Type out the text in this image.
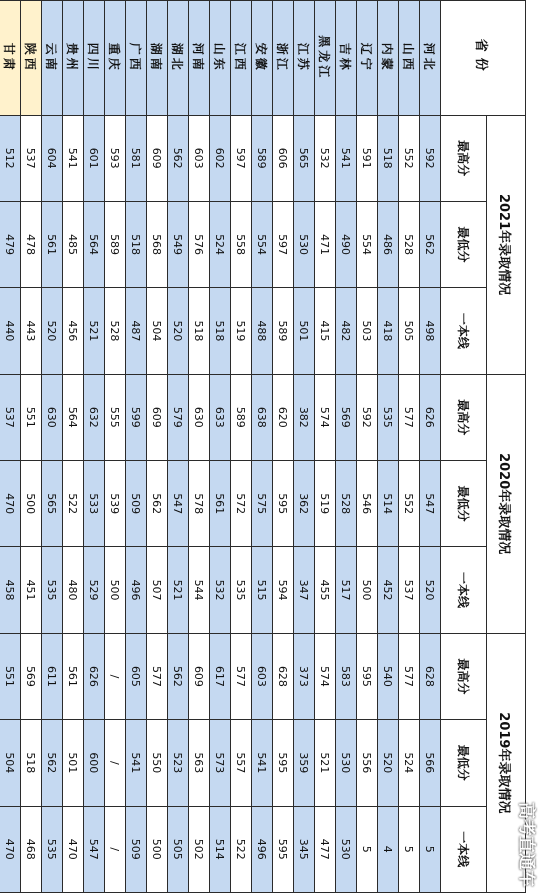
省份	2021年录取情况			2020年录取情况			2019年录取情况		
	最高分	最低分	一本线	最高分	最低分	一本线	最高分	最低分	一本线
河北	592	562	498	626	547	520	628	566	5
山西	552	528	505	577	552	537	577	524	5
内蒙	518	486	418	535	514	452	540	520	4
辽宁	591	554	503	592	546	500	595	556	5
吉林	541	490	482	569	528	517	583	530	530
黑龙江	532	471	415	574	519	455	574	521	477
江苏	565	530	501	382	362	347	373	359	345
浙江	606	597	589	620	595	594	628	595	595
安徽	589	554	488	638	575	515	603	541	496
江西	597	558	519	589	572	535	577	557	522
山东	602	524	518	633	561	532	617	573	514
河南	603	576	518	630	578	544	609	563	502
湖北	562	549	520	579	547	521	562	523	505
湖南	609	568	504	609	562	507	577	550	500
广西	581	518	487	599	509	496	605	541	509
重庆	593	589	528	555	539	500	/	/	/
四川	601	564	521	632	533	529	626	600	547
贵州	541	485	456	564	522	480	561	501	470
云南	604	561	520	630	565	535	611	562	535
陕西	537	478	443	551	500	451	569	518	468
甘肃	512	479	440	537	470	458	551	504	470
										高考直通车
